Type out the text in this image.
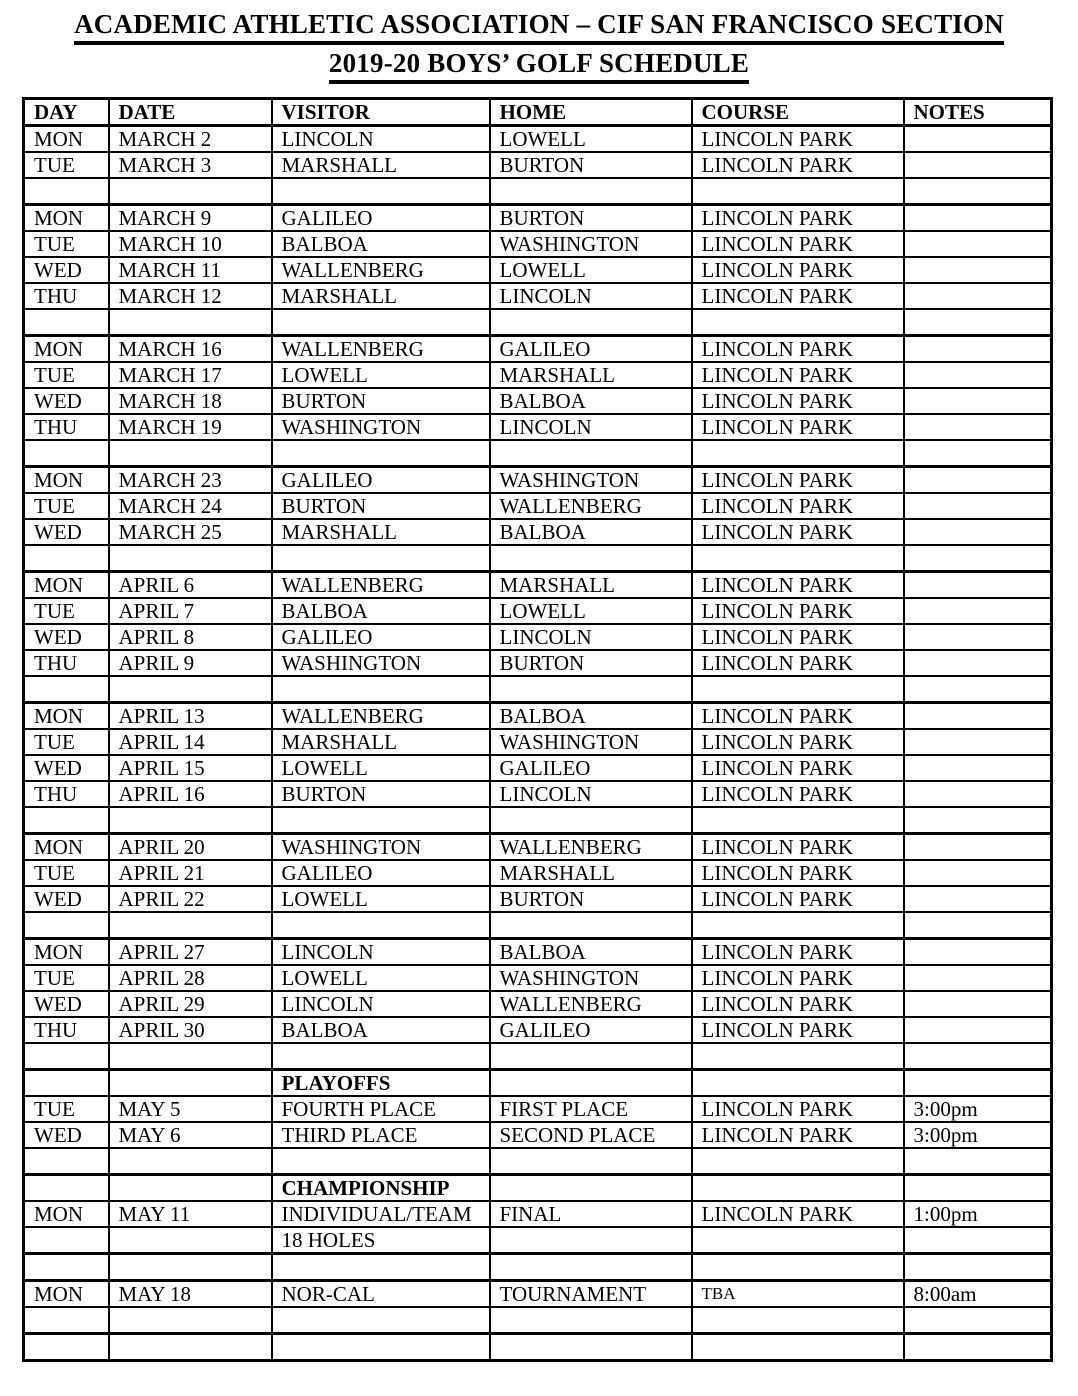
ACADEMIC ATHLETIC ASSOCIATION – CIF SAN FRANCISCO SECTION
2019-20 BOYS’ GOLF SCHEDULE
DAY	DATE	VISITOR	HOME	COURSE	NOTES
MON	MARCH 2	LINCOLN	LOWELL	LINCOLN PARK	
TUE	MARCH 3	MARSHALL	BURTON	LINCOLN PARK	

MON	MARCH 9	GALILEO	BURTON	LINCOLN PARK	
TUE	MARCH 10	BALBOA	WASHINGTON	LINCOLN PARK	
WED	MARCH 11	WALLENBERG	LOWELL	LINCOLN PARK	
THU	MARCH 12	MARSHALL	LINCOLN	LINCOLN PARK	

MON	MARCH 16	WALLENBERG	GALILEO	LINCOLN PARK	
TUE	MARCH 17	LOWELL	MARSHALL	LINCOLN PARK	
WED	MARCH 18	BURTON	BALBOA	LINCOLN PARK	
THU	MARCH 19	WASHINGTON	LINCOLN	LINCOLN PARK	

MON	MARCH 23	GALILEO	WASHINGTON	LINCOLN PARK	
TUE	MARCH 24	BURTON	WALLENBERG	LINCOLN PARK	
WED	MARCH 25	MARSHALL	BALBOA	LINCOLN PARK	

MON	APRIL 6	WALLENBERG	MARSHALL	LINCOLN PARK	
TUE	APRIL 7	BALBOA	LOWELL	LINCOLN PARK	
WED	APRIL 8	GALILEO	LINCOLN	LINCOLN PARK	
THU	APRIL 9	WASHINGTON	BURTON	LINCOLN PARK	

MON	APRIL 13	WALLENBERG	BALBOA	LINCOLN PARK	
TUE	APRIL 14	MARSHALL	WASHINGTON	LINCOLN PARK	
WED	APRIL 15	LOWELL	GALILEO	LINCOLN PARK	
THU	APRIL 16	BURTON	LINCOLN	LINCOLN PARK	

MON	APRIL 20	WASHINGTON	WALLENBERG	LINCOLN PARK	
TUE	APRIL 21	GALILEO	MARSHALL	LINCOLN PARK	
WED	APRIL 22	LOWELL	BURTON	LINCOLN PARK	

MON	APRIL 27	LINCOLN	BALBOA	LINCOLN PARK	
TUE	APRIL 28	LOWELL	WASHINGTON	LINCOLN PARK	
WED	APRIL 29	LINCOLN	WALLENBERG	LINCOLN PARK	
THU	APRIL 30	BALBOA	GALILEO	LINCOLN PARK	

		PLAYOFFS			
TUE	MAY 5	FOURTH PLACE	FIRST PLACE	LINCOLN PARK	3:00pm
WED	MAY 6	THIRD PLACE	SECOND PLACE	LINCOLN PARK	3:00pm

		CHAMPIONSHIP			
MON	MAY 11	INDIVIDUAL/TEAM	FINAL	LINCOLN PARK	1:00pm
		18 HOLES			

MON	MAY 18	NOR-CAL	TOURNAMENT	TBA	8:00am
